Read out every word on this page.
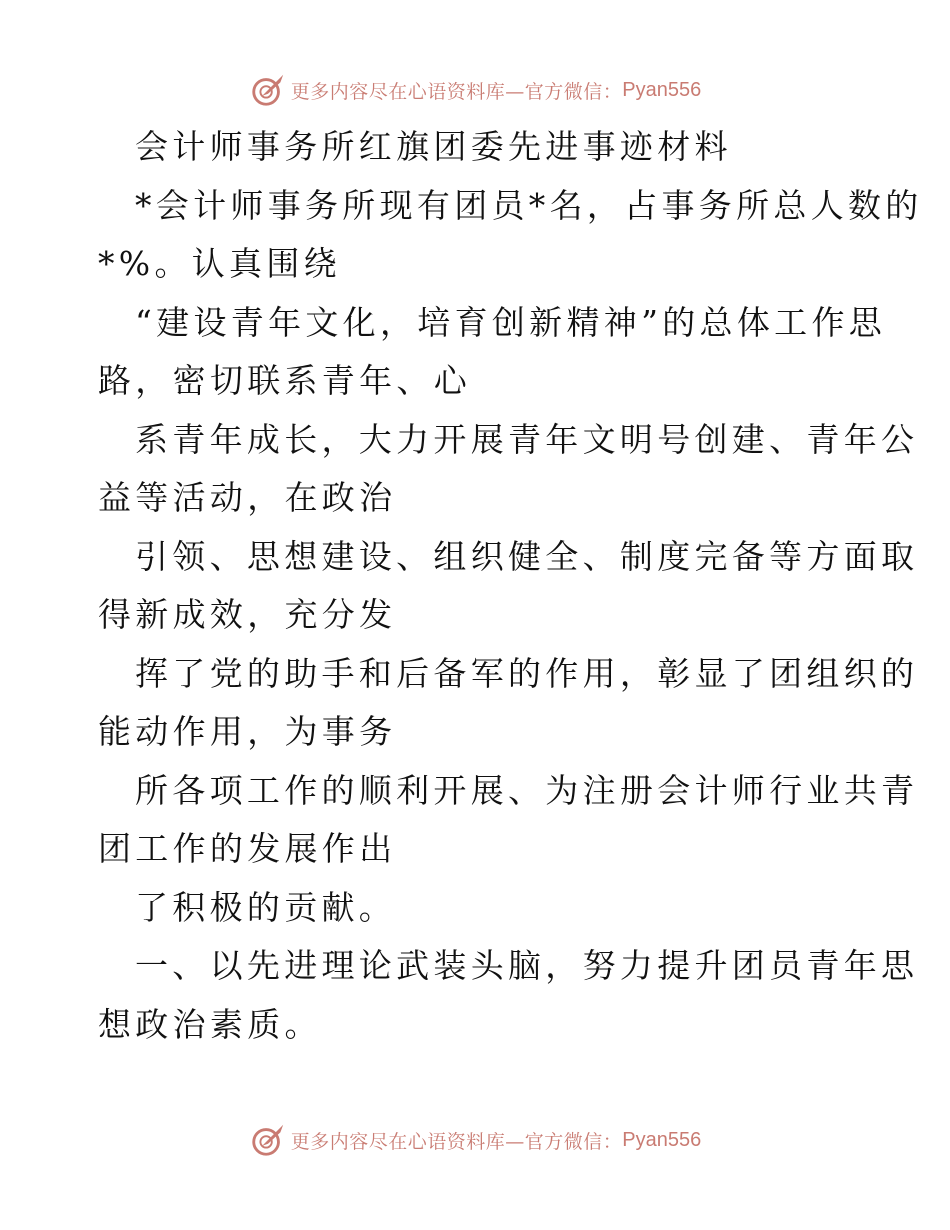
更多内容尽在心语资料库—官方微信： Pyan556
会计师事务所红旗团委先进事迹材料
*会计师事务所现有团员*名，占事务所总人数的
*%。认真围绕
“建设青年文化，培育创新精神”的总体工作思
路，密切联系青年、心
系青年成长，大力开展青年文明号创建、青年公
益等活动，在政治
引领、思想建设、组织健全、制度完备等方面取
得新成效，充分发
挥了党的助手和后备军的作用，彰显了团组织的
能动作用，为事务
所各项工作的顺利开展、为注册会计师行业共青
团工作的发展作出
了积极的贡献。
一、以先进理论武装头脑，努力提升团员青年思
想政治素质。
更多内容尽在心语资料库—官方微信： Pyan556
